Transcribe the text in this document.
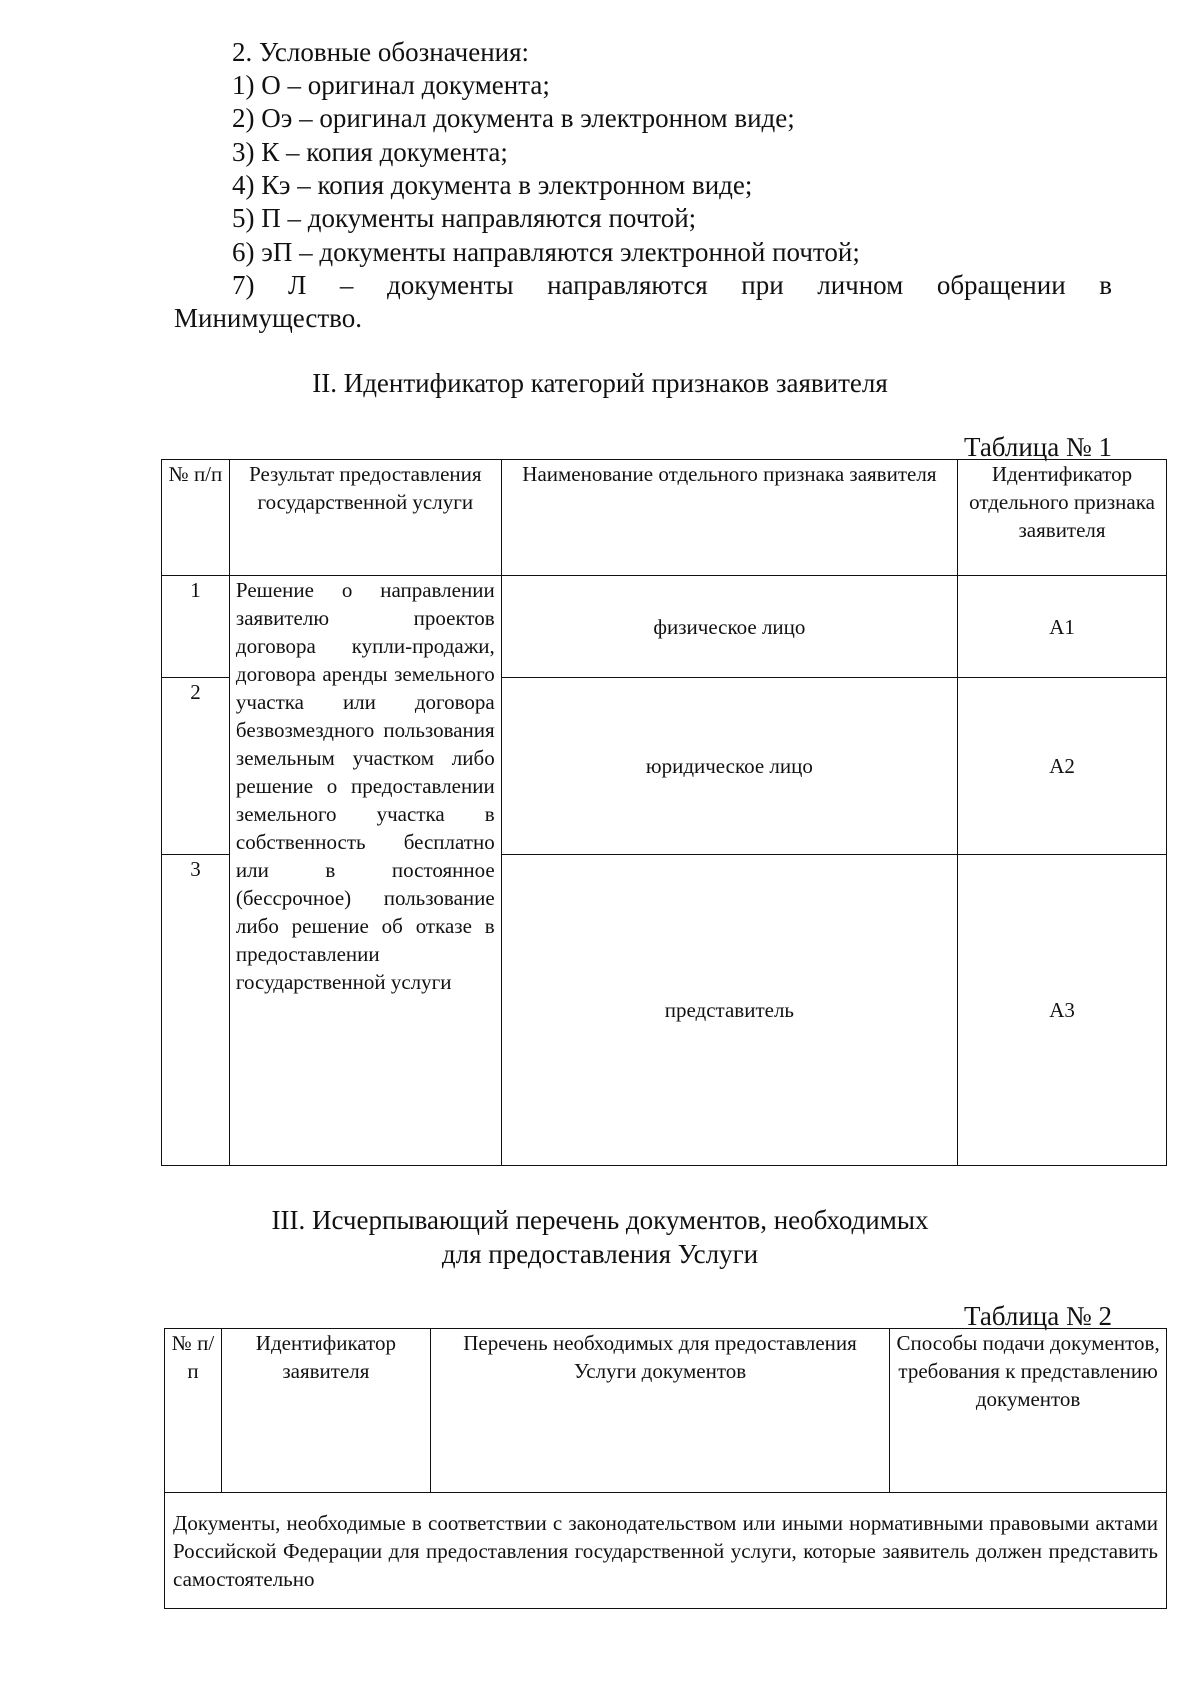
2. Условные обозначения:
1) О – оригинал документа;
2) Оэ – оригинал документа в электронном виде;
3) К – копия документа;
4) Кэ – копия документа в электронном виде;
5) П – документы направляются почтой;
6) эП – документы направляются электронной почтой;
7) Л – документы направляются при личном обращении в
Минимущество.
II. Идентификатор категорий признаков заявителя
Таблица № 1
№ п/п	Результат предоставления государственной услуги	Наименование отдельного признака заявителя	Идентификатор отдельного признака заявителя
1	Решение о направлении заявителю проектов договора купли-продажи, договора аренды земельного участка или договора безвозмездного пользования земельным участком либо решение о предоставлении земельного участка в собственность бесплатно или в постоянное (бессрочное) пользование либо решение об отказе в предоставлении государственной услуги	физическое лицо	А1
2		юридическое лицо	А2
3		представитель	А3
III. Исчерпывающий перечень документов, необходимых
для предоставления Услуги
Таблица № 2
№ п/п	Идентификатор заявителя	Перечень необходимых для предоставления Услуги документов	Способы подачи документов, требования к представлению документов
Документы, необходимые в соответствии с законодательством или иными нормативными правовыми актами Российской Федерации для предоставления государственной услуги, которые заявитель должен представить самостоятельно
